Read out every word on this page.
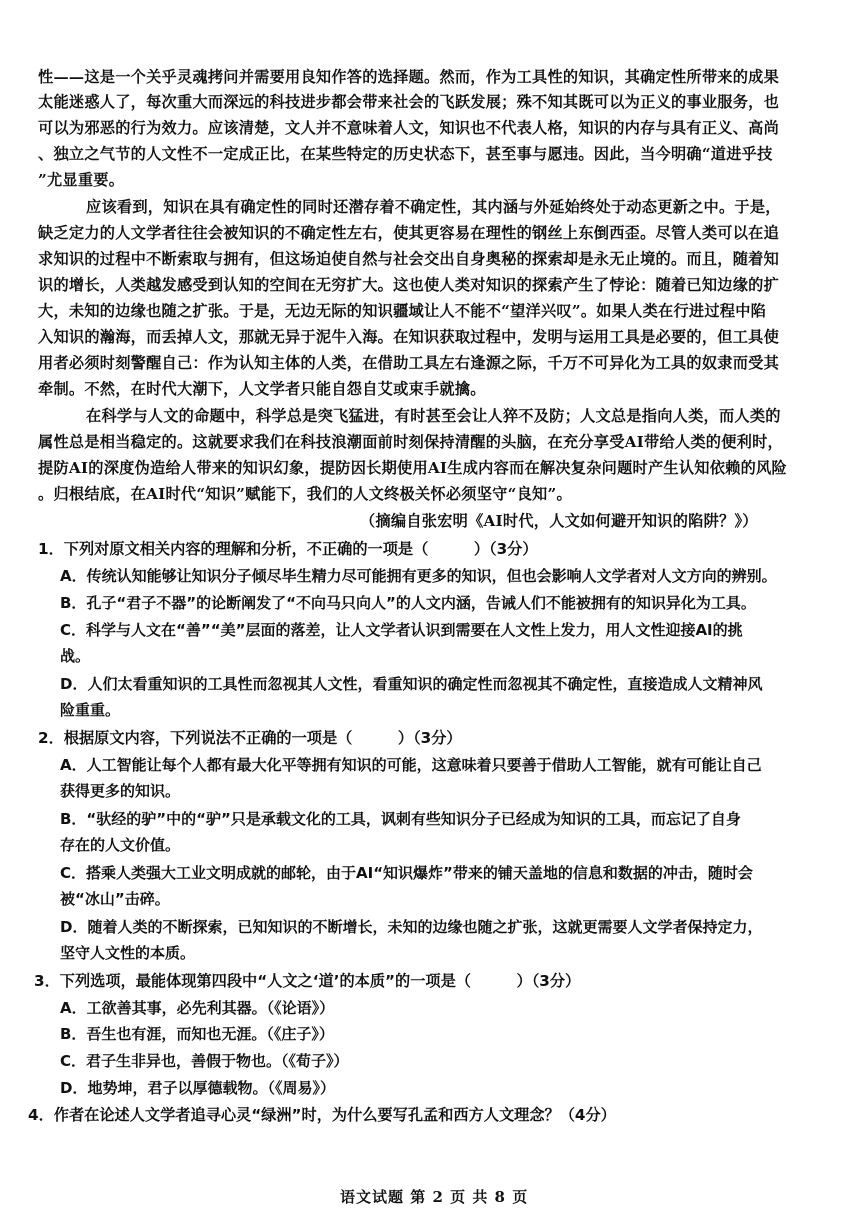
性——这是一个关乎灵魂拷问并需要用良知作答的选择题。然而，作为工具性的知识，其确定性所带来的成果
太能迷惑人了，每次重大而深远的科技进步都会带来社会的飞跃发展；殊不知其既可以为正义的事业服务，也
可以为邪恶的行为效力。应该清楚，文人并不意味着人文，知识也不代表人格，知识的内存与具有正义、高尚
、独立之气节的人文性不一定成正比，在某些特定的历史状态下，甚至事与愿违。因此，当今明确“道进乎技
”尤显重要。
应该看到，知识在具有确定性的同时还潜存着不确定性，其内涵与外延始终处于动态更新之中。于是，
缺乏定力的人文学者往往会被知识的不确定性左右，使其更容易在理性的钢丝上东倒西歪。尽管人类可以在追
求知识的过程中不断索取与拥有，但这场迫使自然与社会交出自身奥秘的探索却是永无止境的。而且，随着知
识的增长，人类越发感受到认知的空间在无穷扩大。这也使人类对知识的探索产生了悖论：随着已知边缘的扩
大，未知的边缘也随之扩张。于是，无边无际的知识疆域让人不能不“望洋兴叹”。如果人类在行进过程中陷
入知识的瀚海，而丢掉人文，那就无异于泥牛入海。在知识获取过程中，发明与运用工具是必要的，但工具使
用者必须时刻警醒自己：作为认知主体的人类，在借助工具左右逢源之际，千万不可异化为工具的奴隶而受其
牵制。不然，在时代大潮下，人文学者只能自怨自艾或束手就擒。
在科学与人文的命题中，科学总是突飞猛进，有时甚至会让人猝不及防；人文总是指向人类，而人类的
属性总是相当稳定的。这就要求我们在科技浪潮面前时刻保持清醒的头脑，在充分享受AI带给人类的便利时，
提防AI的深度伪造给人带来的知识幻象，提防因长期使用AI生成内容而在解决复杂问题时产生认知依赖的风险
。归根结底，在AI时代“知识”赋能下，我们的人文终极关怀必须坚守“良知”。
（摘编自张宏明《AI时代，人文如何避开知识的陷阱？》）
1．下列对原文相关内容的理解和分析，不正确的一项是（　　　）（3分）
A．传统认知能够让知识分子倾尽毕生精力尽可能拥有更多的知识，但也会影响人文学者对人文方向的辨别。
B．孔子“君子不器”的论断阐发了“不向马只向人”的人文内涵，告诫人们不能被拥有的知识异化为工具。
C．科学与人文在“善”“美”层面的落差，让人文学者认识到需要在人文性上发力，用人文性迎接AI的挑
战。
D．人们太看重知识的工具性而忽视其人文性，看重知识的确定性而忽视其不确定性，直接造成人文精神风
险重重。
2．根据原文内容，下列说法不正确的一项是（　　　）（3分）
A．人工智能让每个人都有最大化平等拥有知识的可能，这意味着只要善于借助人工智能，就有可能让自己
获得更多的知识。
B．“驮经的驴”中的“驴”只是承载文化的工具，讽刺有些知识分子已经成为知识的工具，而忘记了自身
存在的人文价值。
C．搭乘人类强大工业文明成就的邮轮，由于AI“知识爆炸”带来的铺天盖地的信息和数据的冲击，随时会
被“冰山”击碎。
D．随着人类的不断探索，已知知识的不断增长，未知的边缘也随之扩张，这就更需要人文学者保持定力，
坚守人文性的本质。
3．下列选项，最能体现第四段中“人文之‘道’的本质”的一项是（　　　）（3分）
A．工欲善其事，必先利其器。（《论语》）
B．吾生也有涯，而知也无涯。（《庄子》）
C．君子生非异也，善假于物也。（《荀子》）
D．地势坤，君子以厚德载物。（《周易》）
4．作者在论述人文学者追寻心灵“绿洲”时，为什么要写孔孟和西方人文理念？（4分）
语文试题 第 2 页 共 8 页
